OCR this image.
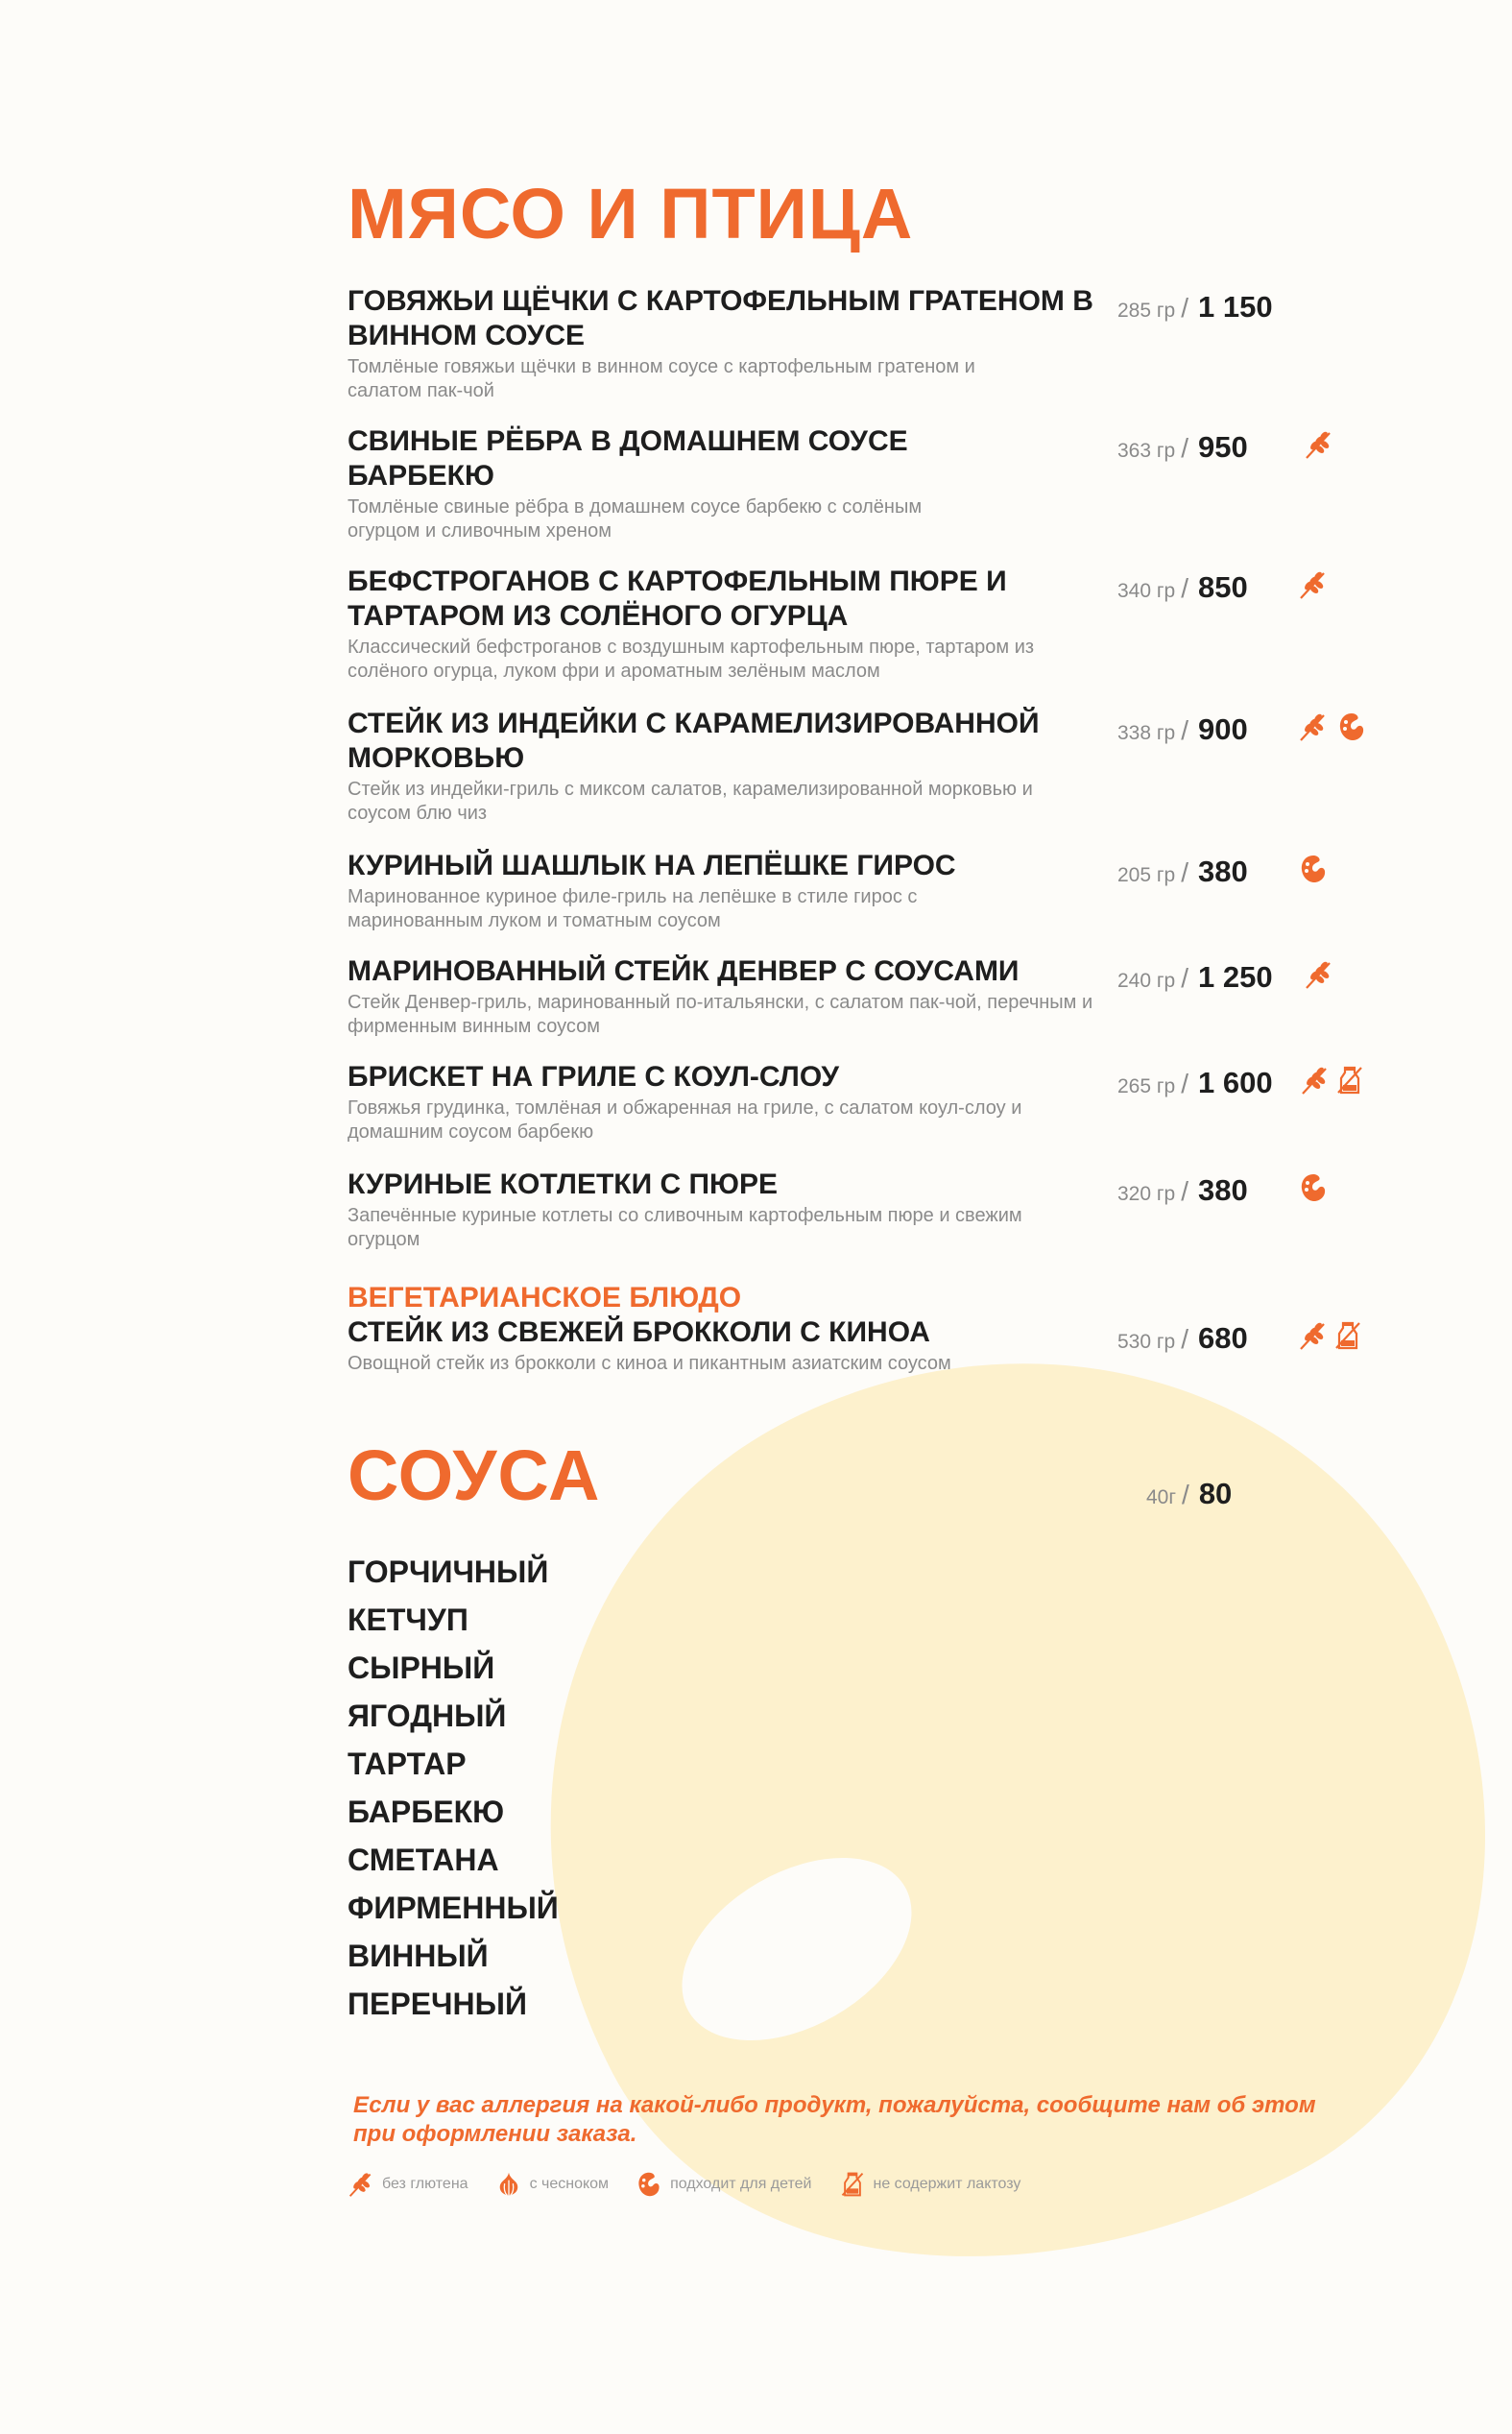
МЯСО И ПТИЦА
ГОВЯЖЬИ ЩЁЧКИ С КАРТОФЕЛЬНЫМ ГРАТЕНОМ В ВИННОМ СОУСЕ
Томлёные говяжьи щёчки в винном соусе с картофельным гратеном и салатом пак-чой
285 гр / 1 150
СВИНЫЕ РЁБРА В ДОМАШНЕМ СОУСЕ БАРБЕКЮ
Томлёные свиные рёбра в домашнем соусе барбекю с солёным огурцом и сливочным хреном
363 гр / 950
БЕФСТРОГАНОВ С КАРТОФЕЛЬНЫМ ПЮРЕ И ТАРТАРОМ ИЗ СОЛЁНОГО ОГУРЦА
Классический бефстроганов с воздушным картофельным пюре, тартаром из солёного огурца, луком фри и ароматным зелёным маслом
340 гр / 850
СТЕЙК ИЗ ИНДЕЙКИ С КАРАМЕЛИЗИРОВАННОЙ МОРКОВЬЮ
Стейк из индейки-гриль с миксом салатов, карамелизированной морковью и соусом блю чиз
338 гр / 900
КУРИНЫЙ ШАШЛЫК НА ЛЕПЁШКЕ ГИРОС
Маринованное куриное филе-гриль на лепёшке в стиле гирос с маринованным луком и томатным соусом
205 гр / 380
МАРИНОВАННЫЙ СТЕЙК ДЕНВЕР С СОУСАМИ
Стейк Денвер-гриль, маринованный по-итальянски, с салатом пак-чой, перечным и фирменным винным соусом
240 гр / 1 250
БРИСКЕТ НА ГРИЛЕ С КОУЛ-СЛОУ
Говяжья грудинка, томлёная и обжаренная на гриле, с салатом коул-слоу и домашним соусом барбекю
265 гр / 1 600
КУРИНЫЕ КОТЛЕТКИ С ПЮРЕ
Запечённые куриные котлеты со сливочным картофельным пюре и свежим огурцом
320 гр / 380
ВЕГЕТАРИАНСКОЕ БЛЮДО
СТЕЙК ИЗ СВЕЖЕЙ БРОККОЛИ С КИНОА
Овощной стейк из брокколи с киноа и пикантным азиатским соусом
530 гр / 680
СОУСА	40г / 80
ГОРЧИЧНЫЙ
КЕТЧУП
СЫРНЫЙ
ЯГОДНЫЙ
ТАРТАР
БАРБЕКЮ
СМЕТАНА
ФИРМЕННЫЙ
ВИННЫЙ
ПЕРЕЧНЫЙ
Если у вас аллергия на какой-либо продукт, пожалуйста, сообщите нам об этом при оформлении заказа.
без глютена	с чесноком	подходит для детей	не содержит лактозу
